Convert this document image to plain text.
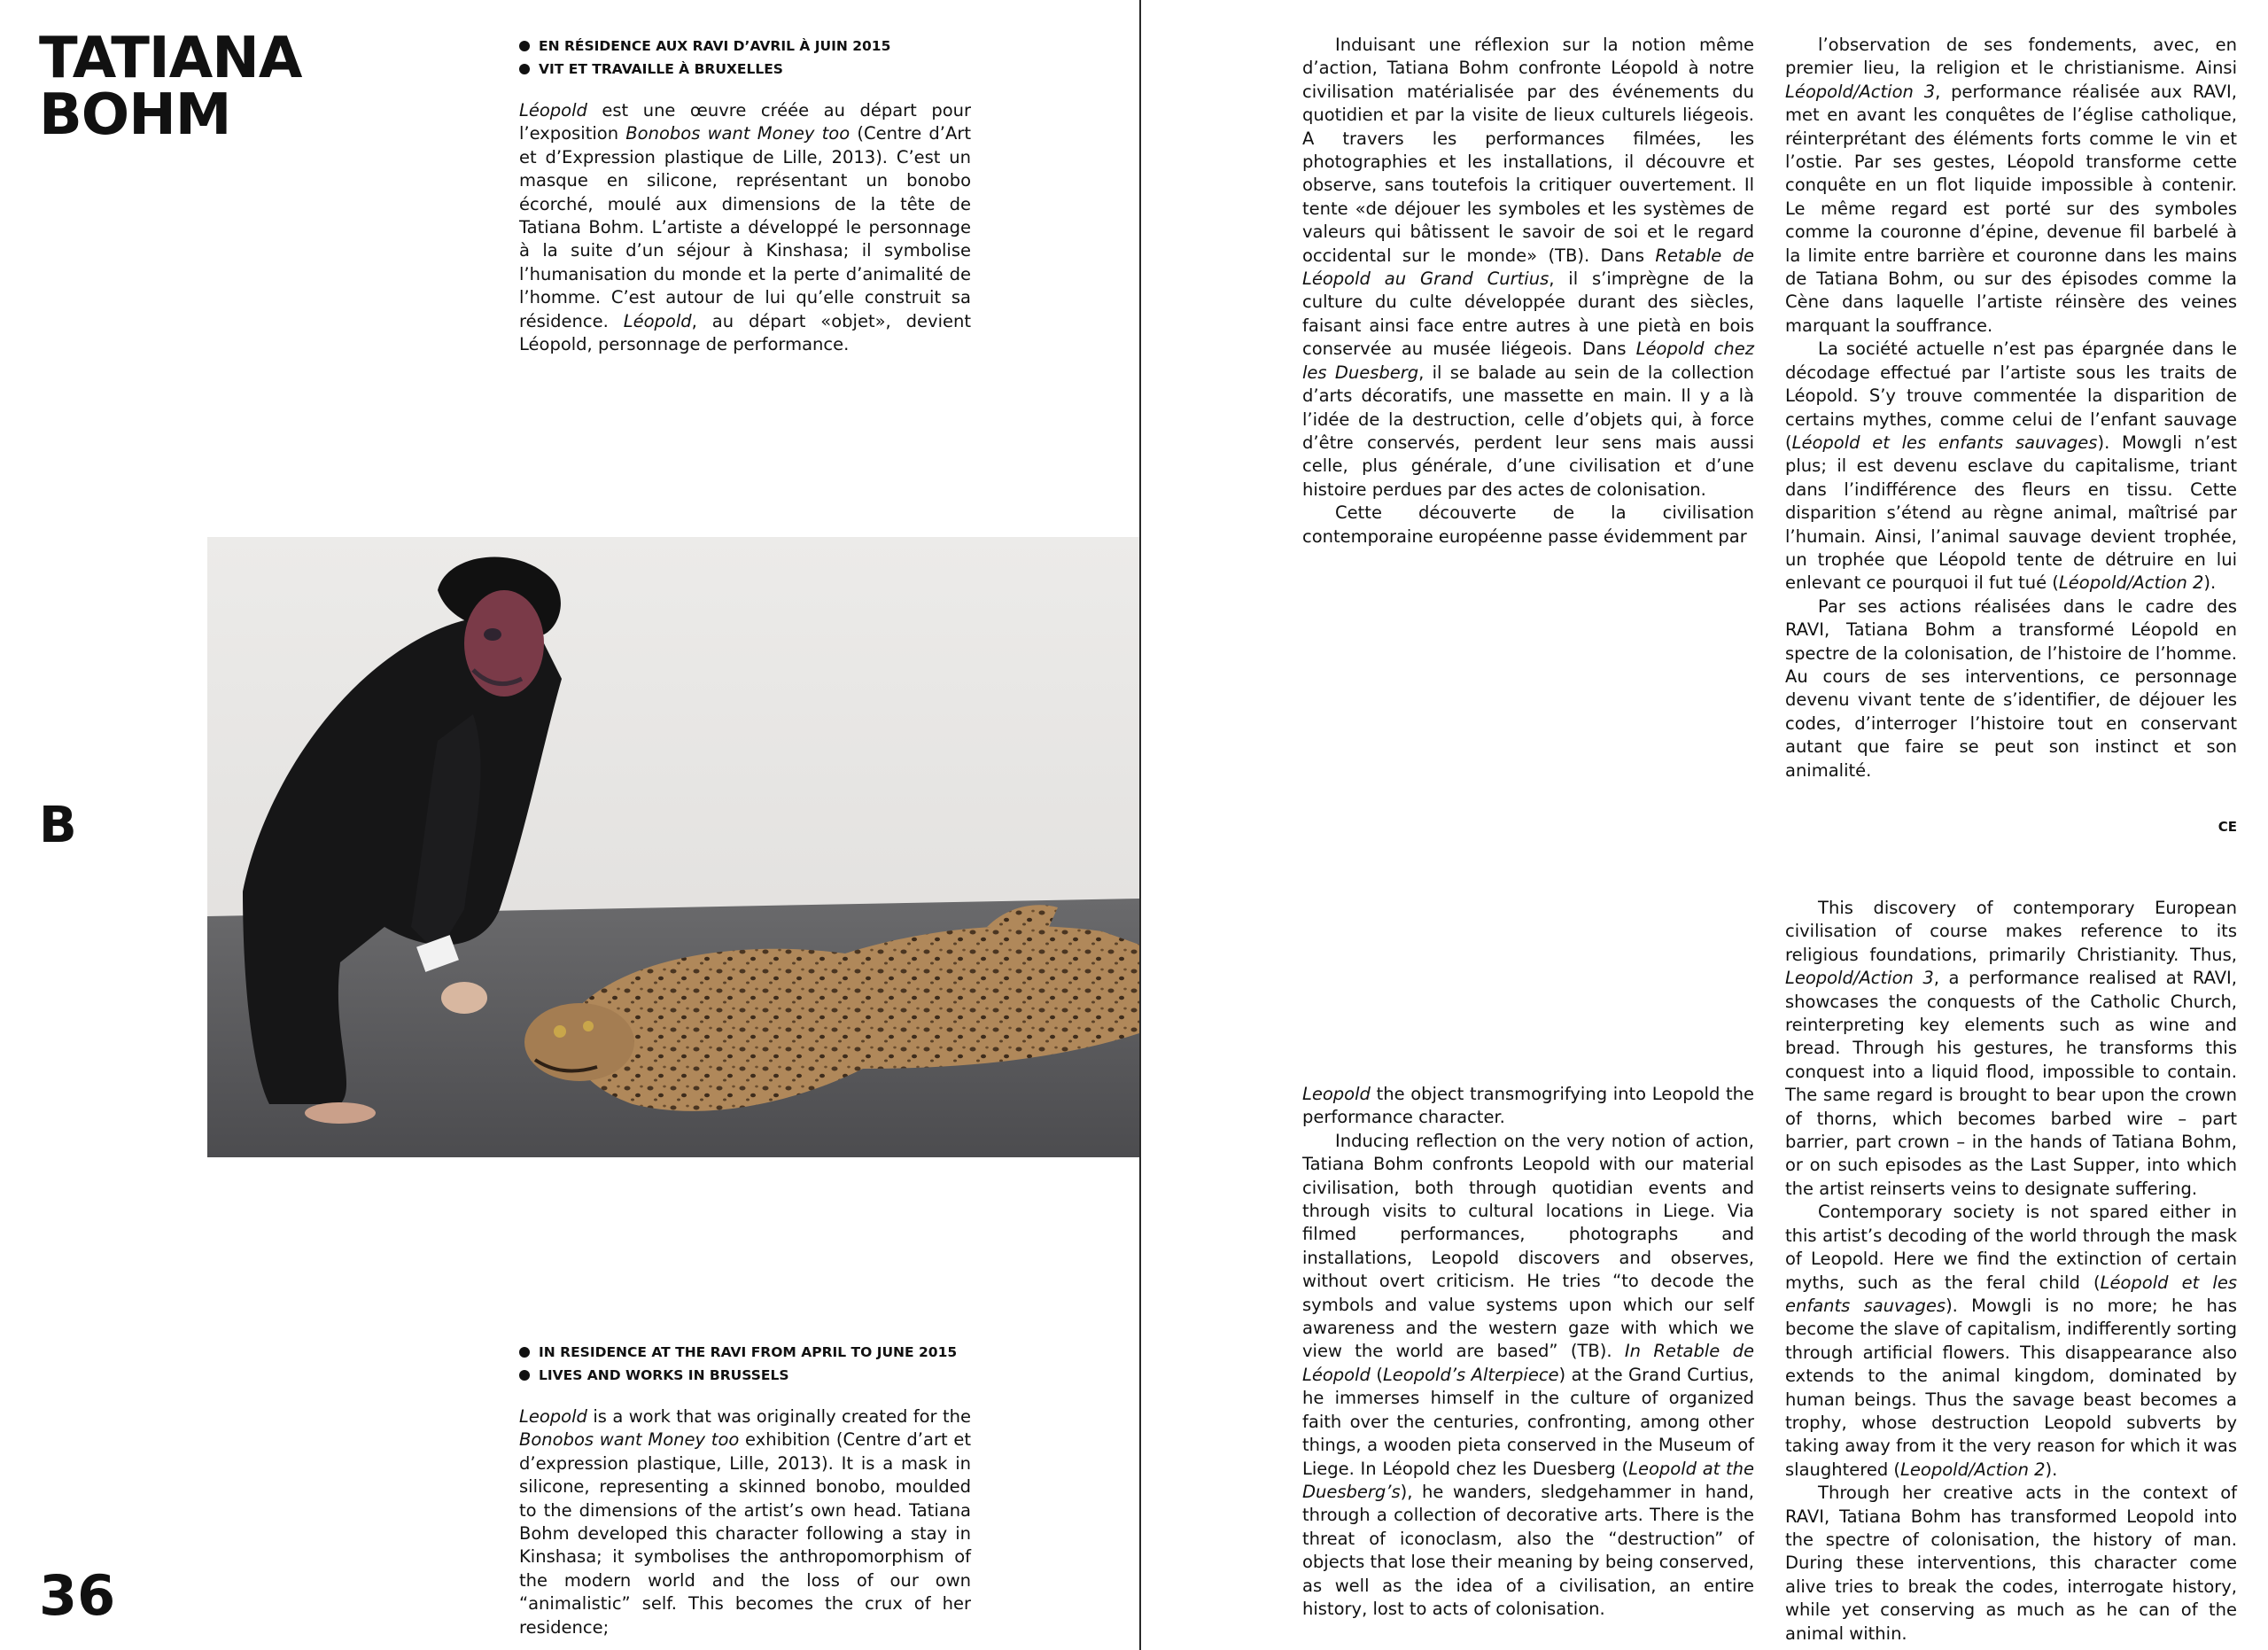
TATIANA
BOHM
EN RÉSIDENCE AUX RAVI D’AVRIL À JUIN 2015
VIT ET TRAVAILLE À BRUXELLES

Léopold est une œuvre créée au départ pour l’exposition Bonobos want Money too (Centre d’Art et d’Expression plastique de Lille, 2013). C’est un masque en silicone, représentant un bonobo écorché, moulé aux dimensions de la tête de Tatiana Bohm. L’artiste a développé le personnage à la suite d’un séjour à Kinshasa; il symbolise l’humanisation du monde et la perte d’animalité de l’homme. C’est autour de lui qu’elle construit sa résidence. Léopold, au départ «objet», devient Léopold, personnage de performance.

B
IN RESIDENCE AT THE RAVI FROM APRIL TO JUNE 2015
LIVES AND WORKS IN BRUSSELS

Leopold is a work that was originally created for the Bonobos want Money too exhibition (Centre d’art et d’expression plastique, Lille, 2013). It is a mask in silicone, representing a skinned bonobo, moulded to the dimensions of the artist’s own head. Tatiana Bohm developed this character following a stay in Kinshasa; it symbolises the anthropomorphism of the modern world and the loss of our own “animalistic” self. This becomes the crux of her residence;

36

Induisant une réflexion sur la notion même d’action, Tatiana Bohm confronte Léopold à notre civilisation matérialisée par des événements du quotidien et par la visite de lieux culturels liégeois. A travers les performances filmées, les photographies et les installations, il découvre et observe, sans toutefois la critiquer ouvertement. Il tente «de déjouer les symboles et les systèmes de valeurs qui bâtissent le savoir de soi et le regard occidental sur le monde» (TB). Dans Retable de Léopold au Grand Curtius, il s’imprègne de la culture du culte développée durant des siècles, faisant ainsi face entre autres à une pietà en bois conservée au musée liégeois. Dans Léopold chez les Duesberg, il se balade au sein de la collection d’arts décoratifs, une massette en main. Il y a là l’idée de la destruction, celle d’objets qui, à force d’être conservés, perdent leur sens mais aussi celle, plus générale, d’une civilisation et d’une histoire perdues par des actes de colonisation.

Cette découverte de la civilisation contemporaine européenne passe évidemment par

l’observation de ses fondements, avec, en premier lieu, la religion et le christianisme. Ainsi Léopold/Action 3, performance réalisée aux RAVI, met en avant les conquêtes de l’église catholique, réinterprétant des éléments forts comme le vin et l’ostie. Par ses gestes, Léopold transforme cette conquête en un flot liquide impossible à contenir. Le même regard est porté sur des symboles comme la couronne d’épine, devenue fil barbelé à la limite entre barrière et couronne dans les mains de Tatiana Bohm, ou sur des épisodes comme la Cène dans laquelle l’artiste réinsère des veines marquant la souffrance.

La société actuelle n’est pas épargnée dans le décodage effectué par l’artiste sous les traits de Léopold. S’y trouve commentée la disparition de certains mythes, comme celui de l’enfant sauvage (Léopold et les enfants sauvages). Mowgli n’est plus; il est devenu esclave du capitalisme, triant dans l’indifférence des fleurs en tissu. Cette disparition s’étend au règne animal, maîtrisé par l’humain. Ainsi, l’animal sauvage devient trophée, un trophée que Léopold tente de détruire en lui enlevant ce pourquoi il fut tué (Léopold/Action 2).

Par ses actions réalisées dans le cadre des RAVI, Tatiana Bohm a transformé Léopold en spectre de la colonisation, de l’histoire de l’homme. Au cours de ses interventions, ce personnage devenu vivant tente de s’identifier, de déjouer les codes, d’interroger l’histoire tout en conservant autant que faire se peut son instinct et son animalité.

CE

Leopold the object transmogrifying into Leopold the performance character.

Inducing reflection on the very notion of action, Tatiana Bohm confronts Leopold with our material civilisation, both through quotidian events and through visits to cultural locations in Liege. Via filmed performances, photographs and installations, Leopold discovers and observes, without overt criticism. He tries “to decode the symbols and value systems upon which our self awareness and the western gaze with which we view the world are based” (TB). In Retable de Léopold (Leopold’s Alterpiece) at the Grand Curtius, he immerses himself in the culture of organized faith over the centuries, confronting, among other things, a wooden pieta conserved in the Museum of Liege. In Léopold chez les Duesberg (Leopold at the Duesberg’s), he wanders, sledgehammer in hand, through a collection of decorative arts. There is the threat of iconoclasm, also the “destruction” of objects that lose their meaning by being conserved, as well as the idea of a civilisation, an entire history, lost to acts of colonisation.

This discovery of contemporary European civilisation of course makes reference to its religious foundations, primarily Christianity. Thus, Leopold/Action 3, a performance realised at RAVI, showcases the conquests of the Catholic Church, reinterpreting key elements such as wine and bread. Through his gestures, he transforms this conquest into a liquid flood, impossible to contain. The same regard is brought to bear upon the crown of thorns, which becomes barbed wire – part barrier, part crown – in the hands of Tatiana Bohm, or on such episodes as the Last Supper, into which the artist reinserts veins to designate suffering.

Contemporary society is not spared either in this artist’s decoding of the world through the mask of Leopold. Here we find the extinction of certain myths, such as the feral child (Léopold et les enfants sauvages). Mowgli is no more; he has become the slave of capitalism, indifferently sorting through artificial flowers. This disappearance also extends to the animal kingdom, dominated by human beings. Thus the savage beast becomes a trophy, whose destruction Leopold subverts by taking away from it the very reason for which it was slaughtered (Leopold/Action 2).

Through her creative acts in the context of RAVI, Tatiana Bohm has transformed Leopold into the spectre of colonisation, the history of man. During these interventions, this character come alive tries to break the codes, interrogate history, while yet conserving as much as he can of the animal within.
